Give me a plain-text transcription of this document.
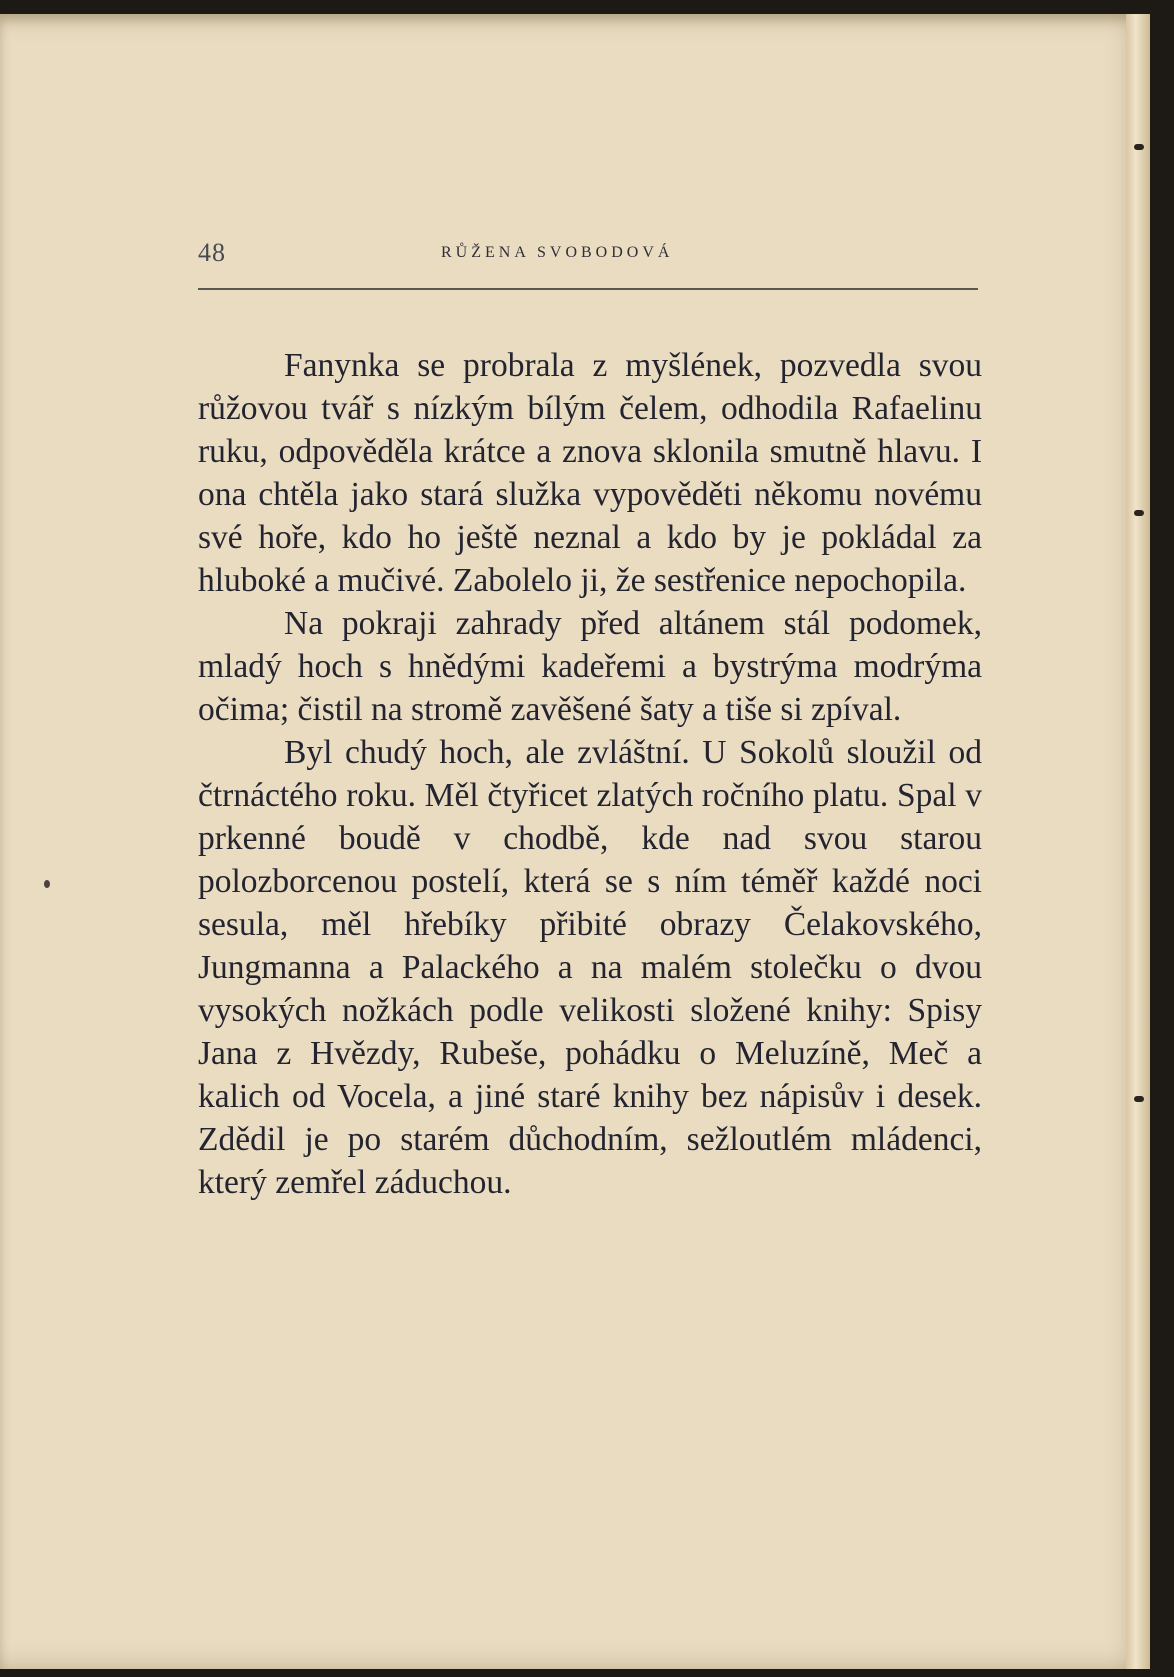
48	RŮŽENA SVOBODOVÁ

Fanynka se probrala z myšlének, pozvedla svou růžovou tvář s nízkým bílým čelem, odhodila Rafaelinu ruku, odpověděla krátce a znova sklonila smutně hlavu. I ona chtěla jako stará služka vypověděti někomu novému své hoře, kdo ho ještě neznal a kdo by je pokládal za hluboké a mučivé. Zabolelo ji, že sestřenice nepochopila.

Na pokraji zahrady před altánem stál podomek, mladý hoch s hnědými kadeřemi a bystrýma modrýma očima; čistil na stromě zavěšené šaty a tiše si zpíval.

Byl chudý hoch, ale zvláštní. U Sokolů sloužil od čtrnáctého roku. Měl čtyřicet zlatých ročního platu. Spal v prkenné boudě v chodbě, kde nad svou starou polozborcenou postelí, která se s ním téměř každé noci sesula, měl hřebíky přibité obrazy Čelakovského, Jungmanna a Palackého a na malém stolečku o dvou vysokých nožkách podle velikosti složené knihy: Spisy Jana z Hvězdy, Rubeše, pohádku o Meluzíně, Meč a kalich od Vocela, a jiné staré knihy bez nápisův i desek. Zdědil je po starém důchodním, sežloutlém mládenci, který zemřel záduchou.
